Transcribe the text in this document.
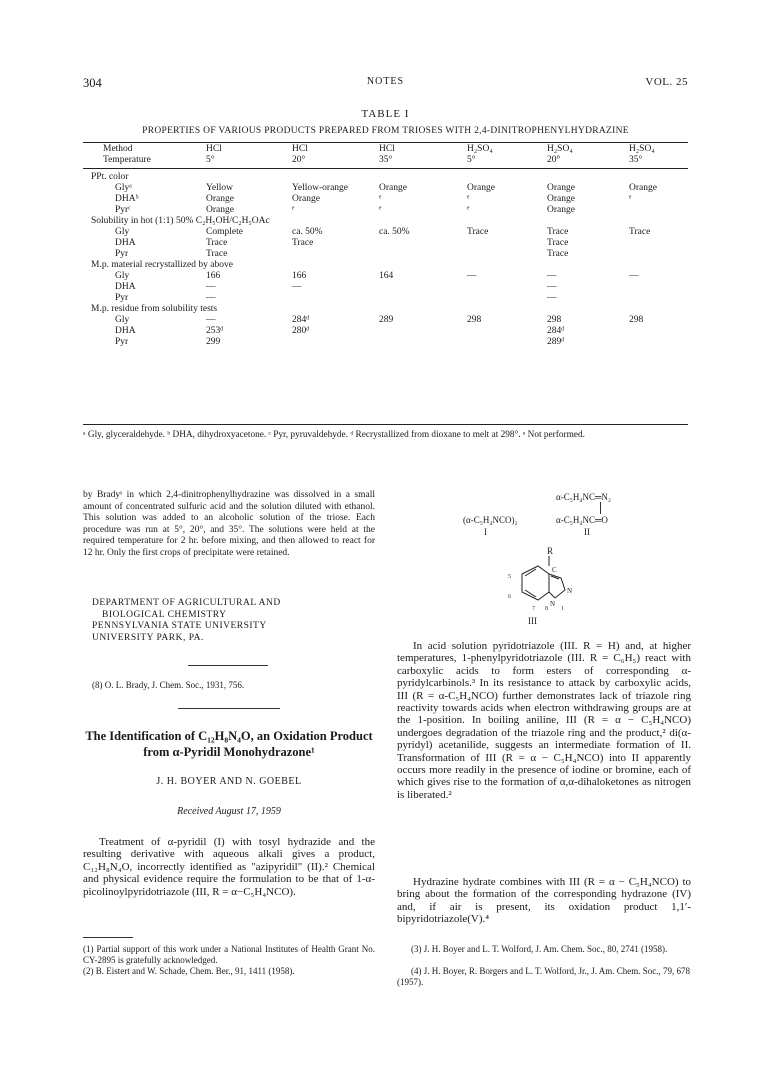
304	NOTES	VOL. 25
TABLE I
PROPERTIES OF VARIOUS PRODUCTS PREPARED FROM TRIOSES WITH 2,4-DINITROPHENYLHYDRAZINE
Method	HCl	HCl	HCl	H₂SO₄	H₂SO₄	H₂SO₄
Temperature	5°	20°	35°	5°	20°	35°

PPt. color						
Glyᵃ	Yellow	Yellow-orange	Orange	Orange	Orange	Orange
DHAᵇ	Orange	Orange	ᵉ	ᵉ	Orange	ᵉ
Pyrᶜ	Orange	ᵉ	ᵉ	ᵉ	Orange	
Solubility in hot (1:1) 50% C₂H₅OH/C₂H₅OAc						
Gly	Complete	ca. 50%	ca. 50%	Trace	Trace	Trace
DHA	Trace	Trace			Trace	
Pyr	Trace				Trace	
M.p. material recrystallized by above						
Gly	166	166	164	—	—	—
DHA	—	—			—	
Pyr	—				—	
M.p. residue from solubility tests						
Gly	—	284ᵈ	289	298	298	298
DHA	253ᵈ	280ᵈ			284ᵈ	
Pyr	299				289ᵈ	
ᵃ Gly, glyceraldehyde. ᵇ DHA, dihydroxyacetone. ᶜ Pyr, pyruvaldehyde. ᵈ Recrystallized from dioxane to melt at 298°. ᵉ Not performed.
by Bradyˢ in which 2,4-dinitrophenylhydrazine was dissolved in a small amount of concentrated sulfuric acid and the solution diluted with ethanol. This solution was added to an alcoholic solution of the triose. Each procedure was run at 5°, 20°, and 35°. The solutions were held at the required temperature for 2 hr. before mixing, and then allowed to react for 12 hr. Only the first crops of precipitate were retained.
DEPARTMENT OF AGRICULTURAL AND
BIOLOGICAL CHEMISTRY
PENNSYLVANIA STATE UNIVERSITY
UNIVERSITY PARK, PA.
(8) O. L. Brady, J. Chem. Soc., 1931, 756.
The Identification of C₁₂H₈N₄O, an Oxidation Product from α-Pyridil Monohydrazone¹
J. H. BOYER AND N. GOEBEL
Received August 17, 1959
Treatment of α-pyridil (I) with tosyl hydrazide and the resulting derivative with aqueous alkali gives a product, C₁₂H₈N₄O, incorrectly identified as "azipyridil" (II).² Chemical and physical evidence require the formulation to be that of 1-α-picolinoylpyridotriazole (III, R = α−C₅H₄NCO).
(1) Partial support of this work under a National Institutes of Health Grant No. CY-2895 is gratefully acknowledged.
(2) B. Eistert and W. Schade, Chem. Ber., 91, 1411 (1958).
α-C₅H₄NC═N₂
(α-C₅H₄NCO)₂	α-C₅H₄NC═O
I	II
R
5
6
7 8 1
C
N
N
III
In acid solution pyridotriazole (III. R = H) and, at higher temperatures, 1-phenylpyridotriazole (III. R = C₆H₅) react with carboxylic acids to form esters of corresponding α-pyridylcarbinols.³ In its resistance to attack by carboxylic acids, III (R = α-C₅H₄NCO) further demonstrates lack of triazole ring reactivity towards acids when electron withdrawing groups are at the 1-position. In boiling aniline, III (R = α − C₅H₄NCO) undergoes degradation of the triazole ring and the product,² di(α-pyridyl) acetanilide, suggests an intermediate formation of II. Transformation of III (R = α − C₅H₄NCO) into II apparently occurs more readily in the presence of iodine or bromine, each of which gives rise to the formation of α,α-dihaloketones as nitrogen is liberated.²
Hydrazine hydrate combines with III (R = α − C₅H₄NCO) to bring about the formation of the corresponding hydrazone (IV) and, if air is present, its oxidation product 1,1′-bipyridotriazole(V).⁴
(3) J. H. Boyer and L. T. Wolford, J. Am. Chem. Soc., 80, 2741 (1958).
(4) J. H. Boyer, R. Borgers and L. T. Wolford, Jr., J. Am. Chem. Soc., 79, 678 (1957).
